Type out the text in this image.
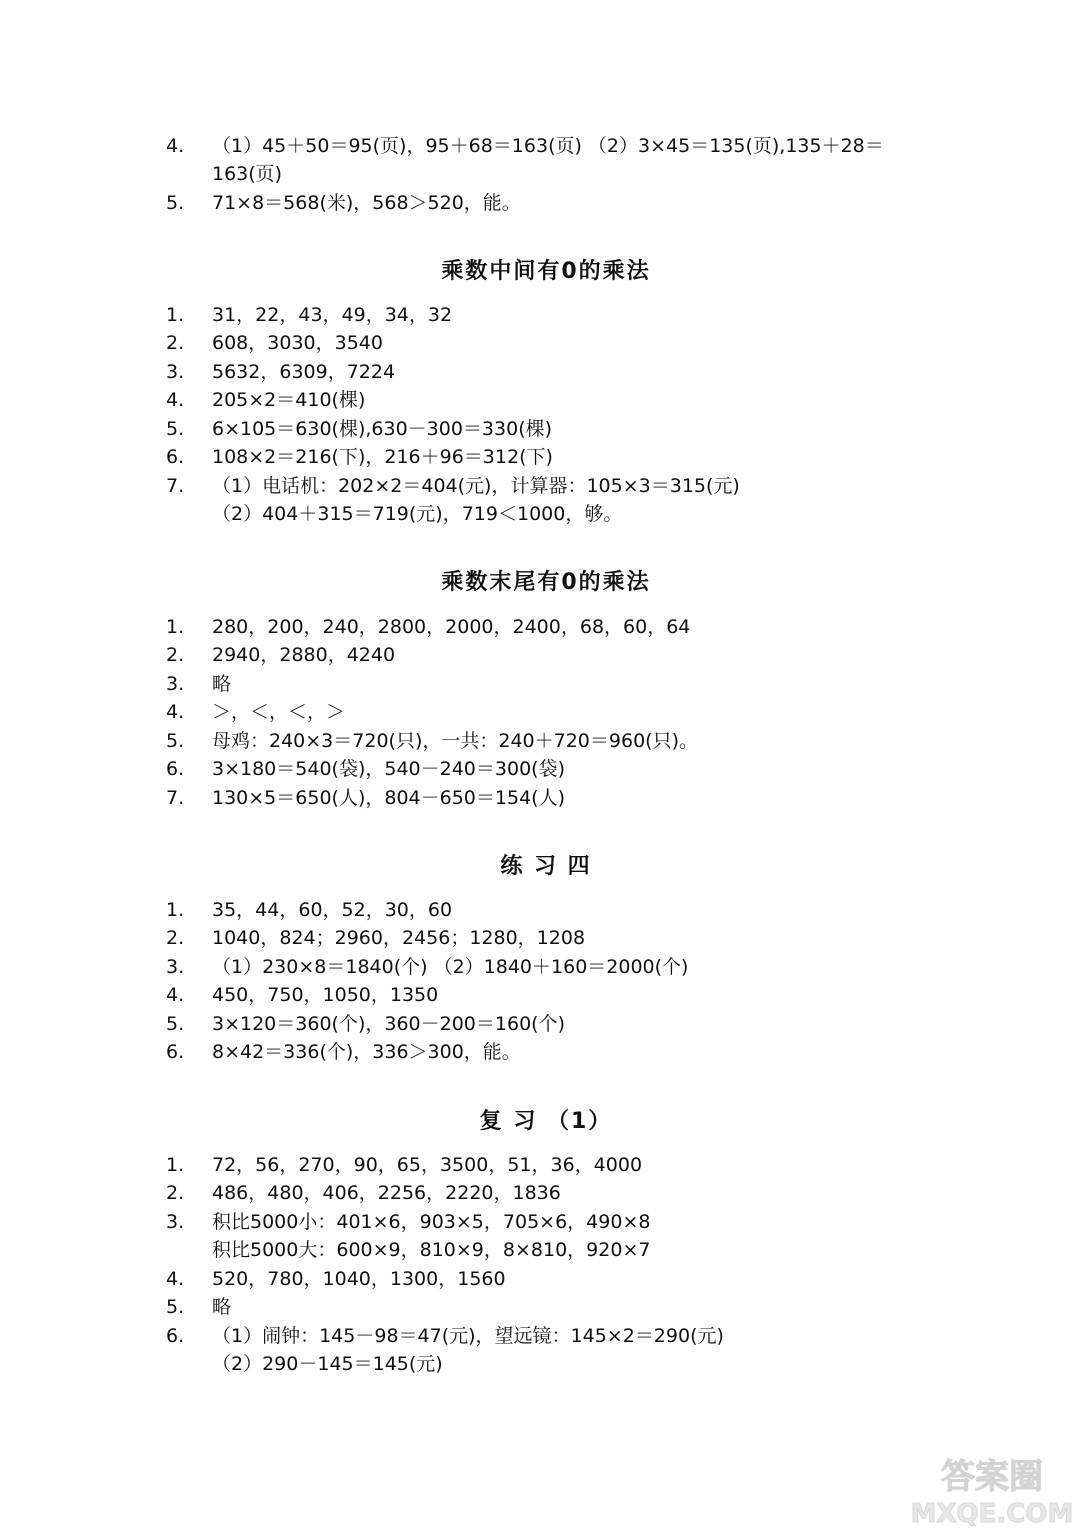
4. （1）45＋50＝95(页)，95＋68＝163(页) （2）3×45＝135(页),135＋28＝
163(页)
5. 71×8＝568(米)，568＞520，能。
乘数中间有0的乘法
1. 31，22，43，49，34，32
2. 608，3030，3540
3. 5632，6309，7224
4. 205×2＝410(棵)
5. 6×105＝630(棵),630－300＝330(棵)
6. 108×2＝216(下)，216＋96＝312(下)
7. （1）电话机：202×2＝404(元)，计算器：105×3＝315(元)
（2）404＋315＝719(元)，719＜1000，够。
乘数末尾有0的乘法
1. 280，200，240，2800，2000，2400，68，60，64
2. 2940，2880，4240
3. 略
4. ＞，＜，＜，＞
5. 母鸡：240×3＝720(只)，一共：240＋720＝960(只)。
6. 3×180＝540(袋)，540－240＝300(袋)
7. 130×5＝650(人)，804－650＝154(人)
练 习 四
1. 35，44，60，52，30，60
2. 1040，824；2960，2456；1280，1208
3. （1）230×8＝1840(个) （2）1840＋160＝2000(个)
4. 450，750，1050，1350
5. 3×120＝360(个)，360－200＝160(个)
6. 8×42＝336(个)，336＞300，能。
复 习 （1）
1. 72，56，270，90，65，3500，51，36，4000
2. 486，480，406，2256，2220，1836
3. 积比5000小：401×6，903×5，705×6，490×8
积比5000大：600×9，810×9，8×810，920×7
4. 520，780，1040，1300，1560
5. 略
6. （1）闹钟：145－98＝47(元)，望远镜：145×2＝290(元)
（2）290－145＝145(元)
答案圈
MXQE.COM
